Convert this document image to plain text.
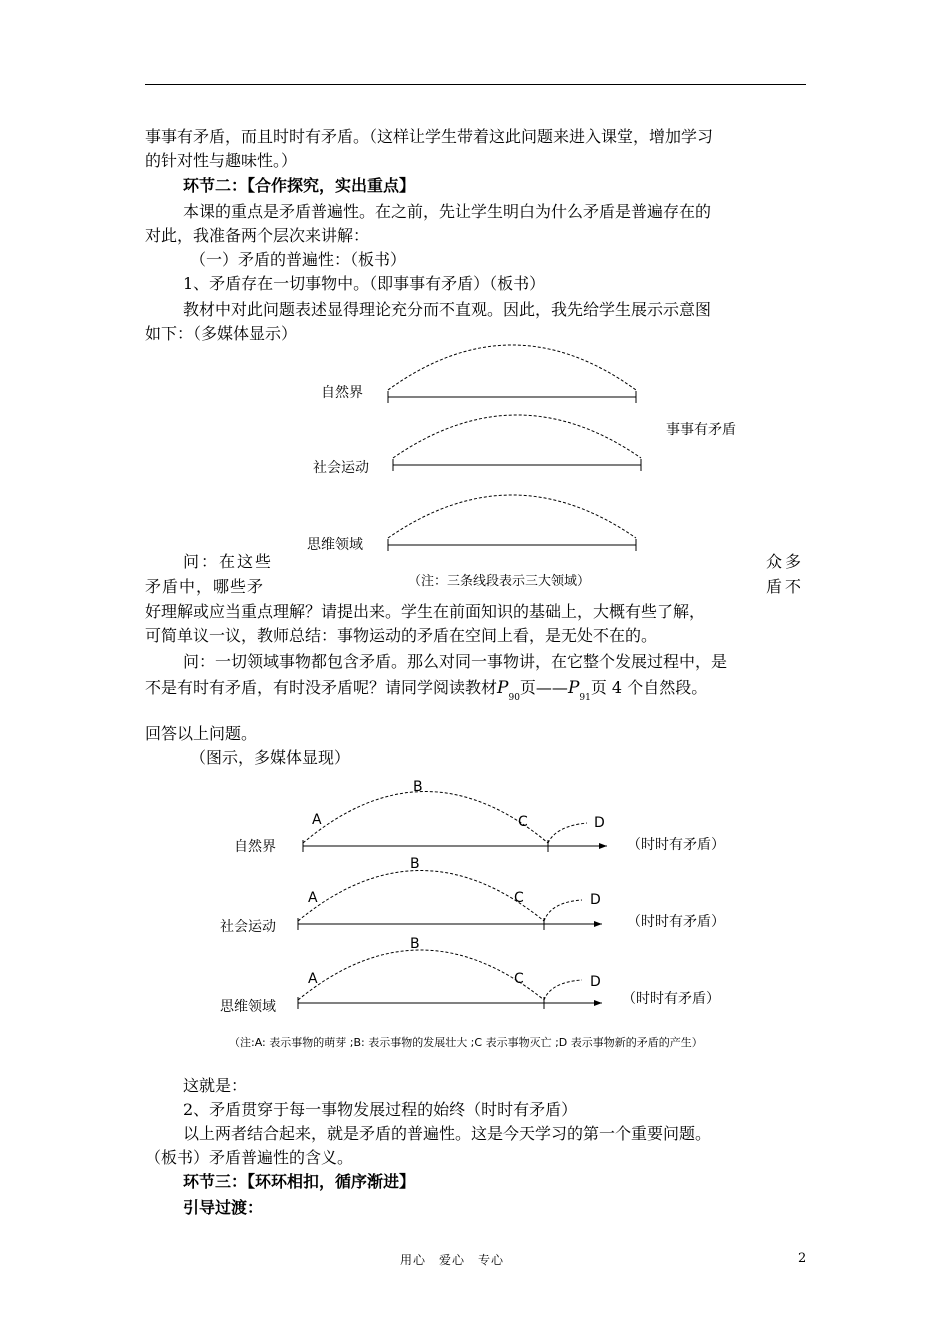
事事有矛盾，而且时时有矛盾。（这样让学生带着这此问题来进入课堂，增加学习
的针对性与趣味性。）
环节二：【合作探究，实出重点】
本课的重点是矛盾普遍性。在之前，先让学生明白为什么矛盾是普遍存在的
对此，我准备两个层次来讲解：
（一）矛盾的普遍性：（板书）
1、矛盾存在一切事物中。（即事事有矛盾）（板书）
教材中对此问题表述显得理论充分而不直观。因此，我先给学生展示示意图
如下：（多媒体显示）
自然界
社会运动
思维领域
事事有矛盾
（注：三条线段表示三大领域）
问：在这些	众多
矛盾中，哪些矛	盾不
好理解或应当重点理解？请提出来。学生在前面知识的基础上，大概有些了解，
可简单议一议，教师总结：事物运动的矛盾在空间上看，是无处不在的。
问：一切领域事物都包含矛盾。那么对同一事物讲，在它整个发展过程中，是
不是有时有矛盾，有时没矛盾呢？请同学阅读教材$P_{90}$页$——P_{91}$页 4 个自然段。
回答以上问题。
（图示，多媒体显现）
B
A	C	D
B
A	C	D
B
A	C	D
自然界
社会运动
思维领域
（时时有矛盾）
（时时有矛盾）
（时时有矛盾）
（注:A: 表示事物的萌芽 ;B: 表示事物的发展壮大 ;C 表示事物灭亡 ;D 表示事物新的矛盾的产生）
这就是：
2、矛盾贯穿于每一事物发展过程的始终（时时有矛盾）
以上两者结合起来，就是矛盾的普遍性。这是今天学习的第一个重要问题。
（板书）矛盾普遍性的含义。
环节三：【环环相扣，循序渐进】
引导过渡：
用心　爱心　专心	2
